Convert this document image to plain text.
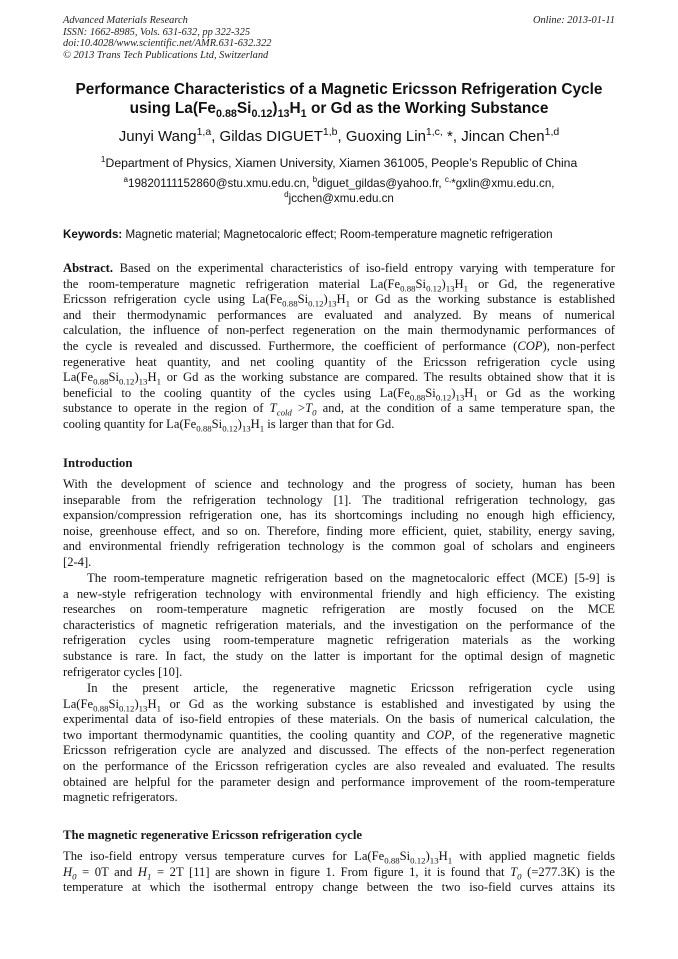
Advanced Materials Research
ISSN: 1662-8985, Vols. 631-632, pp 322-325
doi:10.4028/www.scientific.net/AMR.631-632.322
© 2013 Trans Tech Publications Ltd, Switzerland
Online: 2013-01-11
Performance Characteristics of a Magnetic Ericsson Refrigeration Cycle
using $La(Fe_{0.88}Si_{0.12})_{13}H_1$ or Gd as the Working Substance
Junyi Wang$^{1,a}$, Gildas DIGUET$^{1,b}$, Guoxing Lin$^{1,c,}$ *, Jincan Chen$^{1,d}$
$^1$Department of Physics, Xiamen University, Xiamen 361005, People’s Republic of China
$^a$19820111152860@stu.xmu.edu.cn, $^b$diguet_gildas@yahoo.fr, $^{c,}$*gxlin@xmu.edu.cn,
$^d$jcchen@xmu.edu.cn
Keywords: Magnetic material; Magnetocaloric effect; Room-temperature magnetic refrigeration
Abstract. Based on the experimental characteristics of iso-field entropy varying with temperature for
the room-temperature magnetic refrigeration material $La(Fe_{0.88}Si_{0.12})_{13}H_1$ or Gd, the regenerative
Ericsson refrigeration cycle using $La(Fe_{0.88}Si_{0.12})_{13}H_1$ or Gd as the working substance is established
and their thermodynamic performances are evaluated and analyzed. By means of numerical
calculation, the influence of non-perfect regeneration on the main thermodynamic performances of
the cycle is revealed and discussed. Furthermore, the coefficient of performance (COP), non-perfect
regenerative heat quantity, and net cooling quantity of the Ericsson refrigeration cycle using
$La(Fe_{0.88}Si_{0.12})_{13}H_1$ or Gd as the working substance are compared. The results obtained show that it is
beneficial to the cooling quantity of the cycles using $La(Fe_{0.88}Si_{0.12})_{13}H_1$ or Gd as the working
substance to operate in the region of $T_{cold} >T_0$ and, at the condition of a same temperature span, the
cooling quantity for $La(Fe_{0.88}Si_{0.12})_{13}H_1$ is larger than that for Gd.
Introduction
With the development of science and technology and the progress of society, human has been
inseparable from the refrigeration technology [1]. The traditional refrigeration technology, gas
expansion/compression refrigeration one, has its shortcomings including no enough high efficiency,
noise, greenhouse effect, and so on. Therefore, finding more efficient, quiet, stability, energy saving,
and environmental friendly refrigeration technology is the common goal of scholars and engineers
[2-4].
The room-temperature magnetic refrigeration based on the magnetocaloric effect (MCE) [5-9] is
a new-style refrigeration technology with environmental friendly and high efficiency. The existing
researches on room-temperature magnetic refrigeration are mostly focused on the MCE
characteristics of magnetic refrigeration materials, and the investigation on the performance of the
refrigeration cycles using room-temperature magnetic refrigeration materials as the working
substance is rare. In fact, the study on the latter is important for the optimal design of magnetic
refrigerator cycles [10].
In the present article, the regenerative magnetic Ericsson refrigeration cycle using
$La(Fe_{0.88}Si_{0.12})_{13}H_1$ or Gd as the working substance is established and investigated by using the
experimental data of iso-field entropies of these materials. On the basis of numerical calculation, the
two important thermodynamic quantities, the cooling quantity and COP, of the regenerative magnetic
Ericsson refrigeration cycle are analyzed and discussed. The effects of the non-perfect regeneration
on the performance of the Ericsson refrigeration cycles are also revealed and evaluated. The results
obtained are helpful for the parameter design and performance improvement of the room-temperature
magnetic refrigerators.
The magnetic regenerative Ericsson refrigeration cycle
The iso-field entropy versus temperature curves for $La(Fe_{0.88}Si_{0.12})_{13}H_1$ with applied magnetic fields
$H_0 = 0T$ and $H_1 = 2T$ [11] are shown in figure 1. From figure 1, it is found that $T_0$ (=277.3K) is the
temperature at which the isothermal entropy change between the two iso-field curves attains its
